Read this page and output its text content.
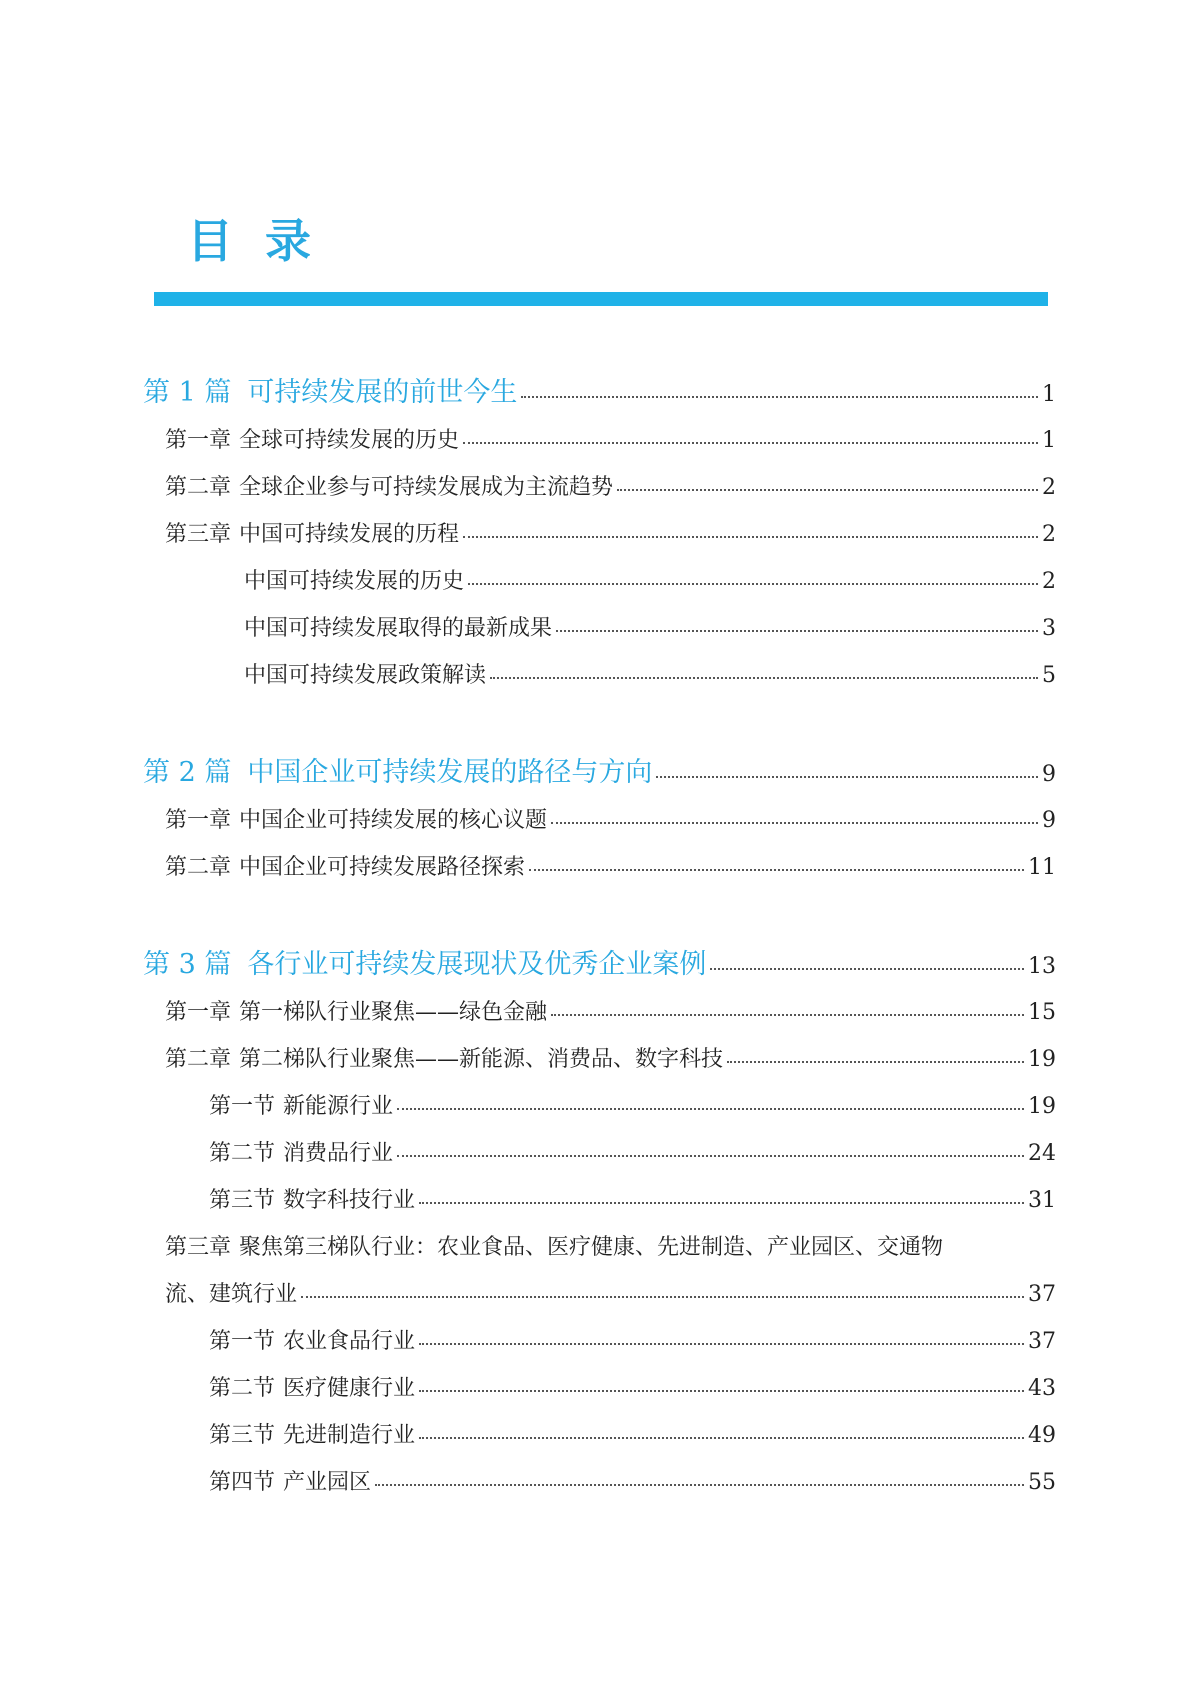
目 录
第 1 篇 可持续发展的前世今生	1
第一章 全球可持续发展的历史	1
第二章 全球企业参与可持续发展成为主流趋势	2
第三章 中国可持续发展的历程	2
中国可持续发展的历史	2
中国可持续发展取得的最新成果	3
中国可持续发展政策解读	5
第 2 篇 中国企业可持续发展的路径与方向	9
第一章 中国企业可持续发展的核心议题	9
第二章 中国企业可持续发展路径探索	11
第 3 篇 各行业可持续发展现状及优秀企业案例	13
第一章 第一梯队行业聚焦——绿色金融	15
第二章 第二梯队行业聚焦——新能源、消费品、数字科技	19
第一节 新能源行业	19
第二节 消费品行业	24
第三节 数字科技行业	31
第三章 聚焦第三梯队行业：农业食品、医疗健康、先进制造、产业园区、交通物
流、建筑行业	37
第一节 农业食品行业	37
第二节 医疗健康行业	43
第三节 先进制造行业	49
第四节 产业园区	55
